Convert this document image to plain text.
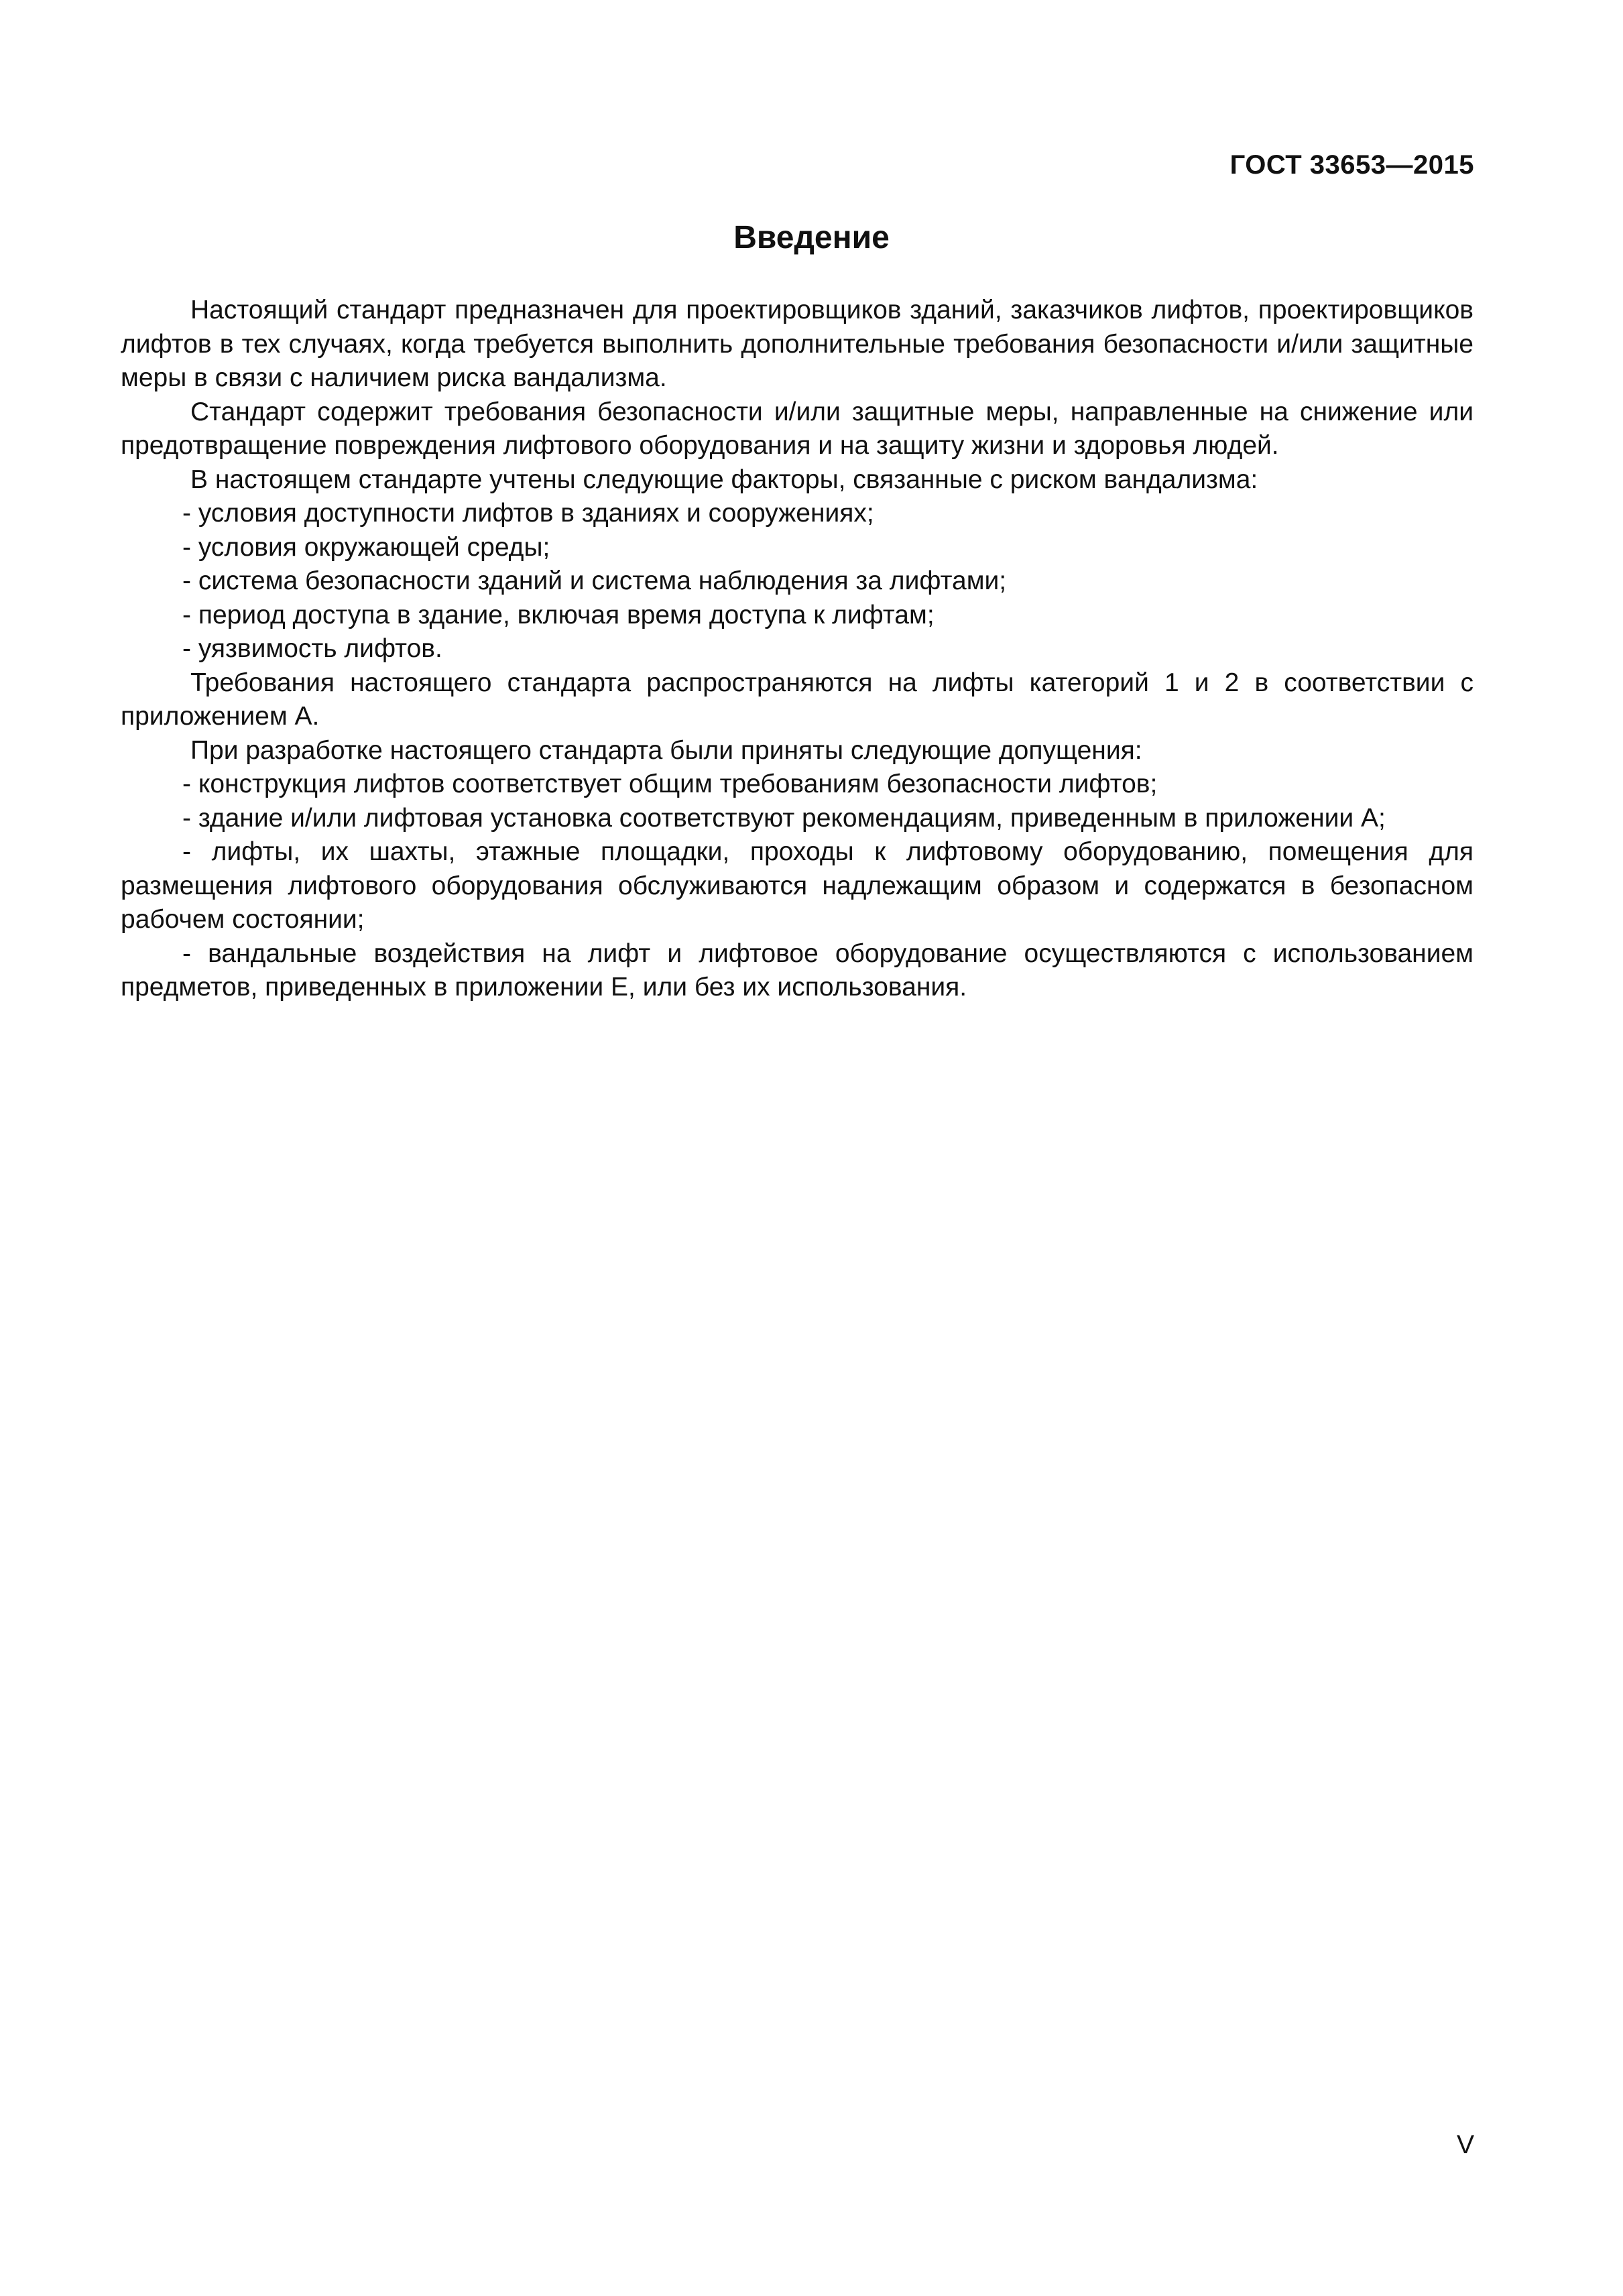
ГОСТ 33653—2015
Введение

Настоящий стандарт предназначен для проектировщиков зданий, заказчиков лифтов, проектировщиков лифтов в тех случаях, когда требуется выполнить дополнительные требования безопасности и/или защитные меры в связи с наличием риска вандализма.

Стандарт содержит требования безопасности и/или защитные меры, направленные на снижение или предотвращение повреждения лифтового оборудования и на защиту жизни и здоровья людей.

В настоящем стандарте учтены следующие факторы, связанные с риском вандализма:

- условия доступности лифтов в зданиях и сооружениях;

- условия окружающей среды;

- система безопасности зданий и система наблюдения за лифтами;

- период доступа в здание, включая время доступа к лифтам;

- уязвимость лифтов.

Требования настоящего стандарта распространяются на лифты категорий 1 и 2 в соответствии с приложением А.

При разработке настоящего стандарта были приняты следующие допущения:

- конструкция лифтов соответствует общим требованиям безопасности лифтов;

- здание и/или лифтовая установка соответствуют рекомендациям, приведенным в приложении А;

- лифты, их шахты, этажные площадки, проходы к лифтовому оборудованию, помещения для размещения лифтового оборудования обслуживаются надлежащим образом и содержатся в безопасном рабочем состоянии;

- вандальные воздействия на лифт и лифтовое оборудование осуществляются с использованием предметов, приведенных в приложении Е, или без их использования.

V
